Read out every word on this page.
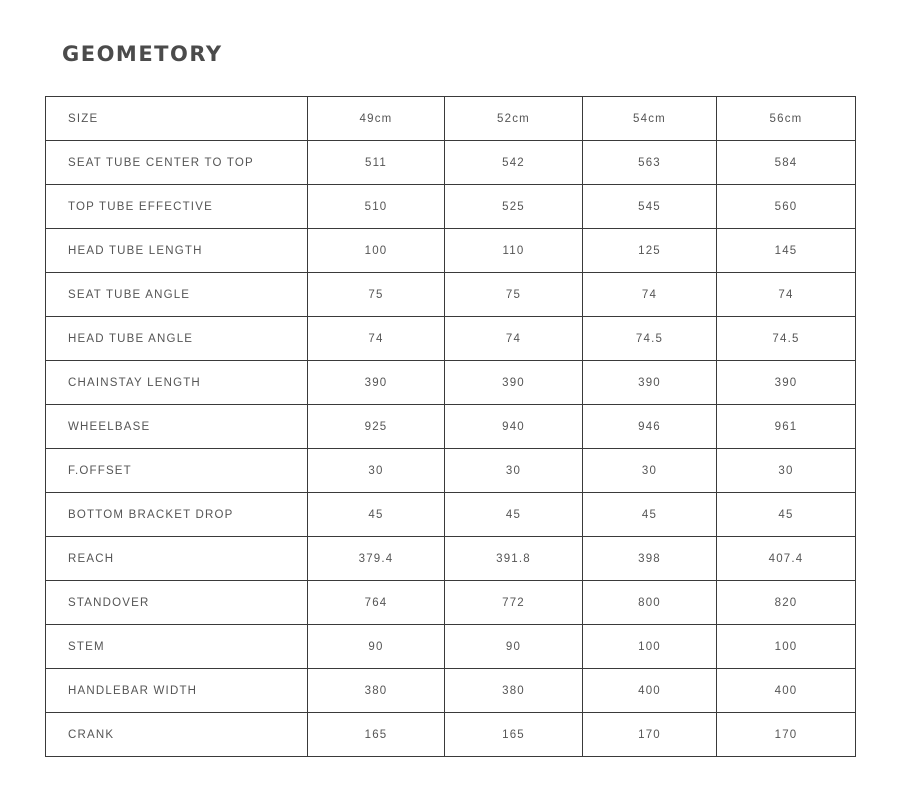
GEOMETORY
SIZE	49cm	52cm	54cm	56cm
SEAT TUBE CENTER TO TOP	511	542	563	584
TOP TUBE EFFECTIVE	510	525	545	560
HEAD TUBE LENGTH	100	110	125	145
SEAT TUBE ANGLE	75	75	74	74
HEAD TUBE ANGLE	74	74	74.5	74.5
CHAINSTAY LENGTH	390	390	390	390
WHEELBASE	925	940	946	961
F.OFFSET	30	30	30	30
BOTTOM BRACKET DROP	45	45	45	45
REACH	379.4	391.8	398	407.4
STANDOVER	764	772	800	820
STEM	90	90	100	100
HANDLEBAR WIDTH	380	380	400	400
CRANK	165	165	170	170
